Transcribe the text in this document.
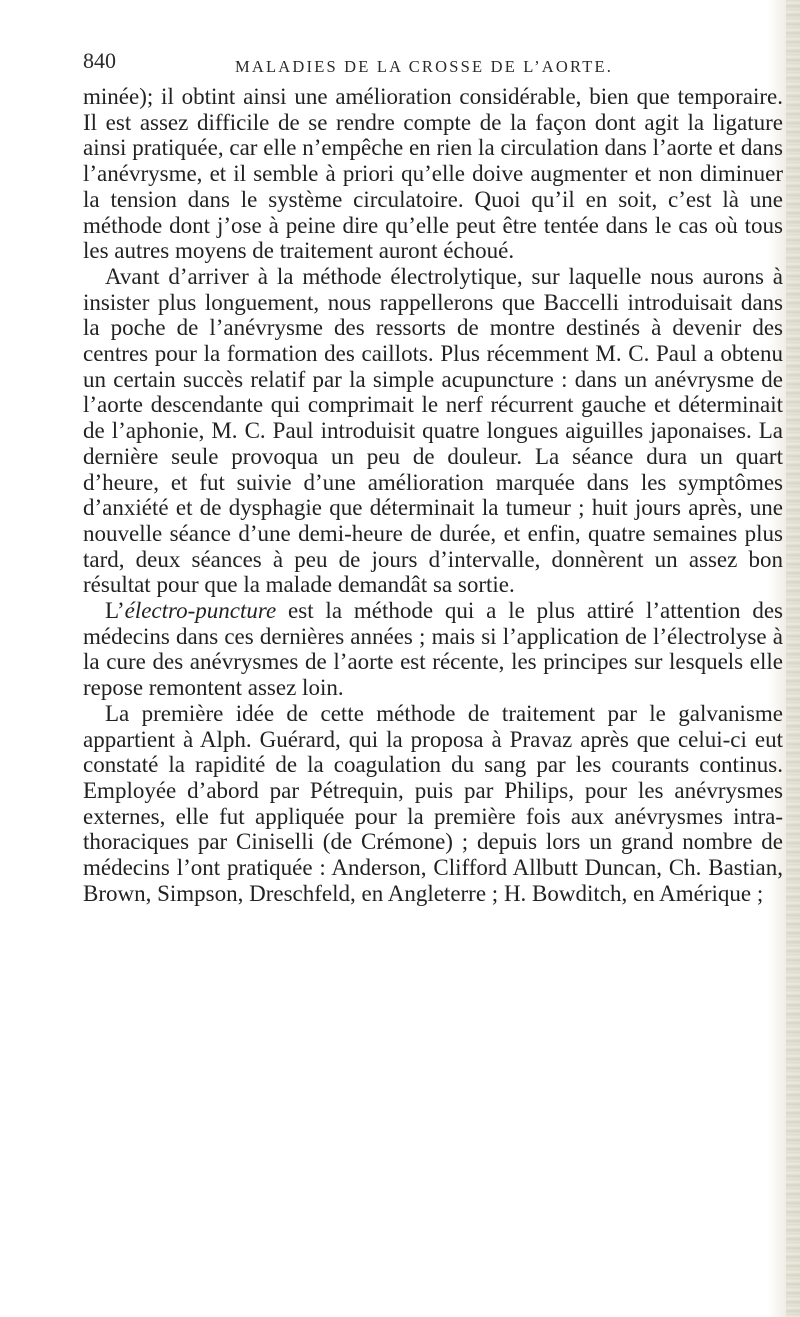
840	MALADIES DE LA CROSSE DE L’AORTE.

minée); il obtint ainsi une amélioration considérable, bien que temporaire. Il est assez difficile de se rendre compte de la façon dont agit la ligature ainsi pratiquée, car elle n’empêche en rien la circulation dans l’aorte et dans l’anévrysme, et il semble à priori qu’elle doive augmenter et non diminuer la tension dans le système circulatoire. Quoi qu’il en soit, c’est là une méthode dont j’ose à peine dire qu’elle peut être tentée dans le cas où tous les autres moyens de traitement auront échoué.

Avant d’arriver à la méthode électrolytique, sur laquelle nous aurons à insister plus longuement, nous rappellerons que Baccelli introduisait dans la poche de l’anévrysme des ressorts de montre destinés à devenir des centres pour la formation des caillots. Plus récemment M. C. Paul a obtenu un certain succès relatif par la simple acupuncture : dans un anévrysme de l’aorte descendante qui comprimait le nerf récurrent gauche et déterminait de l’aphonie, M. C. Paul introduisit quatre longues aiguilles japonaises. La dernière seule provoqua un peu de douleur. La séance dura un quart d’heure, et fut suivie d’une amélioration marquée dans les symptômes d’anxiété et de dysphagie que déterminait la tumeur ; huit jours après, une nouvelle séance d’une demi-heure de durée, et enfin, quatre semaines plus tard, deux séances à peu de jours d’intervalle, donnèrent un assez bon résultat pour que la malade demandât sa sortie.

L’électro-puncture est la méthode qui a le plus attiré l’attention des médecins dans ces dernières années ; mais si l’application de l’électrolyse à la cure des anévrysmes de l’aorte est récente, les principes sur lesquels elle repose remontent assez loin.

La première idée de cette méthode de traitement par le galvanisme appartient à Alph. Guérard, qui la proposa à Pravaz après que celui-ci eut constaté la rapidité de la coagulation du sang par les courants continus. Employée d’abord par Pétrequin, puis par Philips, pour les anévrysmes externes, elle fut appliquée pour la première fois aux anévrysmes intra-thoraciques par Ciniselli (de Crémone) ; depuis lors un grand nombre de médecins l’ont pratiquée : Anderson, Clifford Allbutt Duncan, Ch. Bastian, Brown, Simpson, Dreschfeld, en Angleterre ; H. Bowditch, en Amérique ;
